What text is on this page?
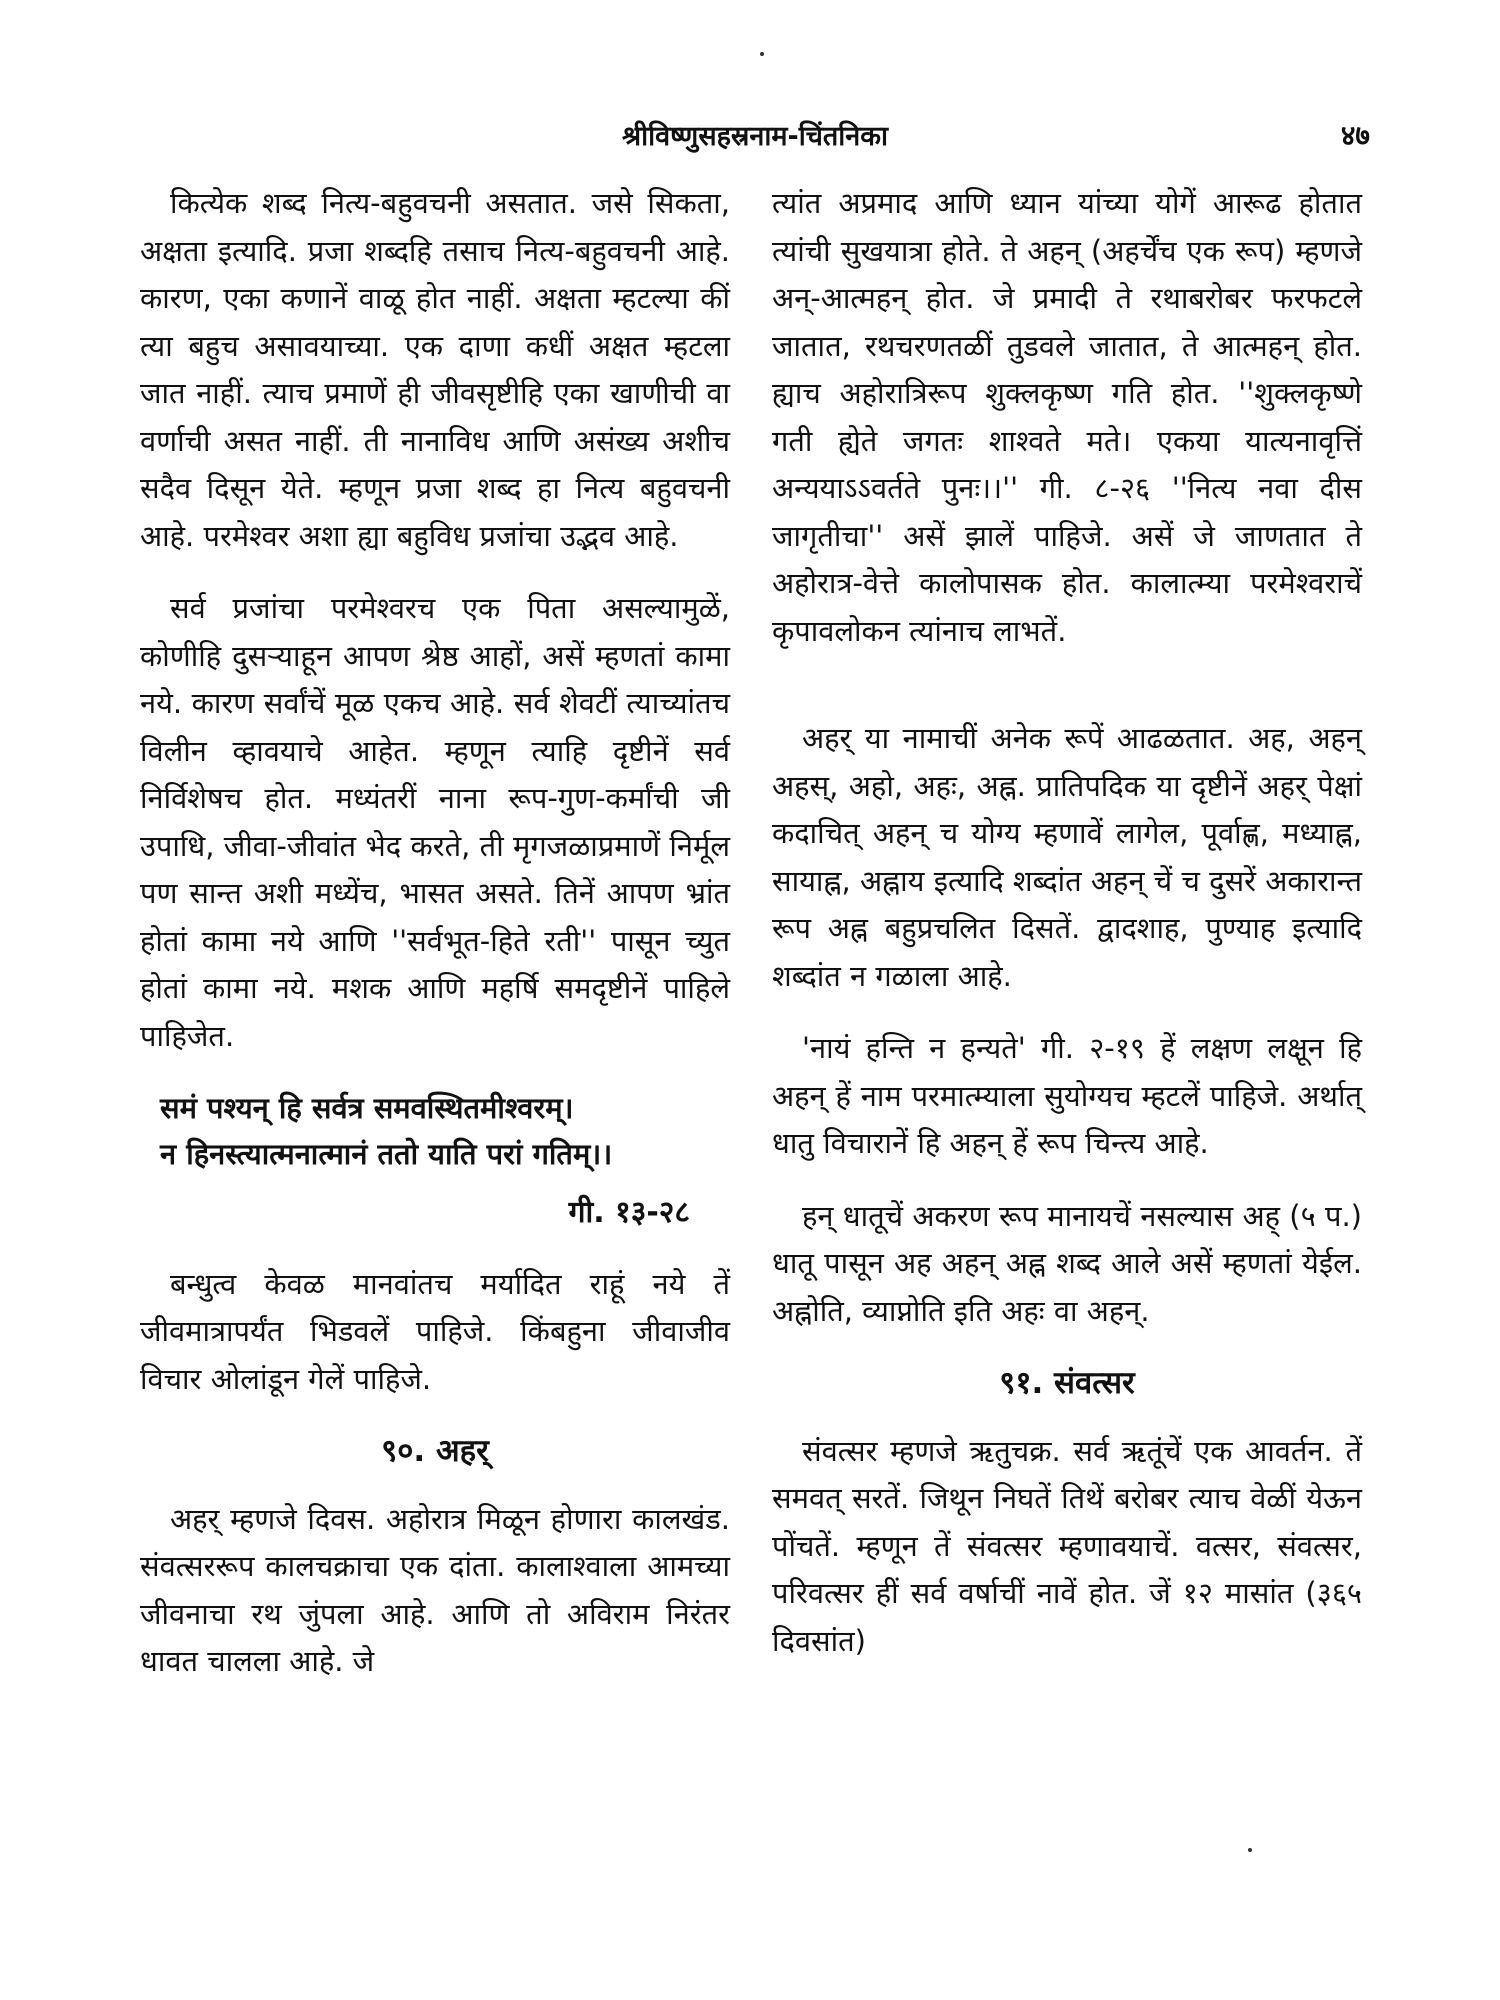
श्रीविष्णुसहस्रनाम-चिंतनिका	४७

कित्येक शब्द नित्य-बहुवचनी असतात. जसे सिकता, अक्षता इत्यादि. प्रजा शब्दहि तसाच नित्य-बहुवचनी आहे. कारण, एका कणानें वाळू होत नाहीं. अक्षता म्हटल्या कीं त्या बहुच असावयाच्या. एक दाणा कधीं अक्षत म्हटला जात नाहीं. त्याच प्रमाणें ही जीवसृष्टीहि एका खाणीची वा वर्णाची असत नाहीं. ती नानाविध आणि असंख्य अशीच सदैव दिसून येते. म्हणून प्रजा शब्द हा नित्य बहुवचनी आहे. परमेश्वर अशा ह्या बहुविध प्रजांचा उद्भव आहे.

सर्व प्रजांचा परमेश्वरच एक पिता असल्यामुळें, कोणीहि दुसऱ्याहून आपण श्रेष्ठ आहों, असें म्हणतां कामा नये. कारण सर्वांचें मूळ एकच आहे. सर्व शेवटीं त्याच्यांतच विलीन व्हावयाचे आहेत. म्हणून त्याहि दृष्टीनें सर्व निर्विशेषच होत. मध्यंतरीं नाना रूप-गुण-कर्मांची जी उपाधि, जीवा-जीवांत भेद करते, ती मृगजळाप्रमाणें निर्मूल पण सान्त अशी मध्येंच, भासत असते. तिनें आपण भ्रांत होतां कामा नये आणि ''सर्वभूत-हिते रती'' पासून च्युत होतां कामा नये. मशक आणि महर्षि समदृष्टीनें पाहिले पाहिजेत.

समं पश्यन् हि सर्वत्र समवस्थितमीश्वरम्।
न हिनस्त्यात्मनात्मानं ततो याति परां गतिम्।।
गी. १३-२८

बन्धुत्व केवळ मानवांतच मर्यादित राहूं नये तें जीवमात्रापर्यंत भिडवलें पाहिजे. किंबहुना जीवाजीव विचार ओलांडून गेलें पाहिजे.

९०. अहर्

अहर् म्हणजे दिवस. अहोरात्र मिळून होणारा कालखंड. संवत्सररूप कालचक्राचा एक दांता. कालाश्वाला आमच्या जीवनाचा रथ जुंपला आहे. आणि तो अविराम निरंतर धावत चालला आहे. जे

त्यांत अप्रमाद आणि ध्यान यांच्या योगें आरूढ होतात त्यांची सुखयात्रा होते. ते अहन् (अहर्चेंच एक रूप) म्हणजे अन्-आत्महन् होत. जे प्रमादी ते रथाबरोबर फरफटले जातात, रथचरणतळीं तुडवले जातात, ते आत्महन् होत. ह्याच अहोरात्रिरूप शुक्लकृष्ण गति होत. ''शुक्लकृष्णे गती ह्येते जगतः शाश्वते मते। एकया यात्यनावृत्तिं अन्ययाऽऽवर्तते पुनः।।'' गी. ८-२६ ''नित्य नवा दीस जागृतीचा'' असें झालें पाहिजे. असें जे जाणतात ते अहोरात्र-वेत्ते कालोपासक होत. कालात्म्या परमेश्वराचें कृपावलोकन त्यांनाच लाभतें.

अहर् या नामाचीं अनेक रूपें आढळतात. अह, अहन् अहस्, अहो, अहः, अह्न. प्रातिपदिक या दृष्टीनें अहर् पेक्षां कदाचित् अहन् च योग्य म्हणावें लागेल, पूर्वाह्ण, मध्याह्न, सायाह्न, अह्नाय इत्यादि शब्दांत अहन् चें च दुसरें अकारान्त रूप अह्न बहुप्रचलित दिसतें. द्वादशाह, पुण्याह इत्यादि शब्दांत न गळाला आहे.

'नायं हन्ति न हन्यते' गी. २-१९ हें लक्षण लक्षून हि अहन् हें नाम परमात्म्याला सुयोग्यच म्हटलें पाहिजे. अर्थात् धातु विचारानें हि अहन् हें रूप चिन्त्य आहे.

हन् धातूचें अकरण रूप मानायचें नसल्यास अह् (५ प.) धातू पासून अह अहन् अह्न शब्द आले असें म्हणतां येईल. अह्नोति, व्याप्नोति इति अहः वा अहन्.

९१. संवत्सर

संवत्सर म्हणजे ऋतुचक्र. सर्व ऋतूंचें एक आवर्तन. तें समवत् सरतें. जिथून निघतें तिथें बरोबर त्याच वेळीं येऊन पोंचतें. म्हणून तें संवत्सर म्हणावयाचें. वत्सर, संवत्सर, परिवत्सर हीं सर्व वर्षाचीं नावें होत. जें १२ मासांत (३६५ दिवसांत)
